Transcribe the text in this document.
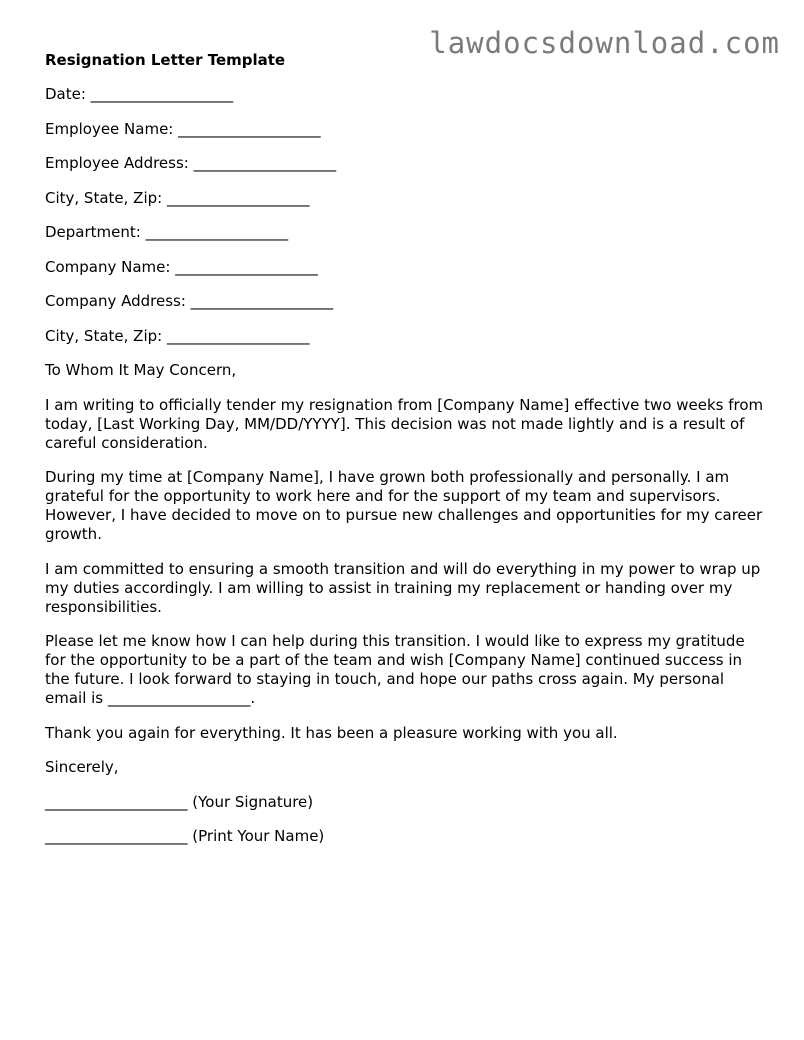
lawdocsdownload.com
Resignation Letter Template
Date: ___________________
Employee Name: ___________________
Employee Address: ___________________
City, State, Zip: ___________________
Department: ___________________
Company Name: ___________________
Company Address: ___________________
City, State, Zip: ___________________
To Whom It May Concern,
I am writing to officially tender my resignation from [Company Name] effective two weeks from today, [Last Working Day, MM/DD/YYYY]. This decision was not made lightly and is a result of careful consideration.
During my time at [Company Name], I have grown both professionally and personally. I am grateful for the opportunity to work here and for the support of my team and supervisors. However, I have decided to move on to pursue new challenges and opportunities for my career growth.
I am committed to ensuring a smooth transition and will do everything in my power to wrap up my duties accordingly. I am willing to assist in training my replacement or handing over my responsibilities.
Please let me know how I can help during this transition. I would like to express my gratitude for the opportunity to be a part of the team and wish [Company Name] continued success in the future. I look forward to staying in touch, and hope our paths cross again. My personal email is ___________________.
Thank you again for everything. It has been a pleasure working with you all.
Sincerely,
___________________ (Your Signature)
___________________ (Print Your Name)
